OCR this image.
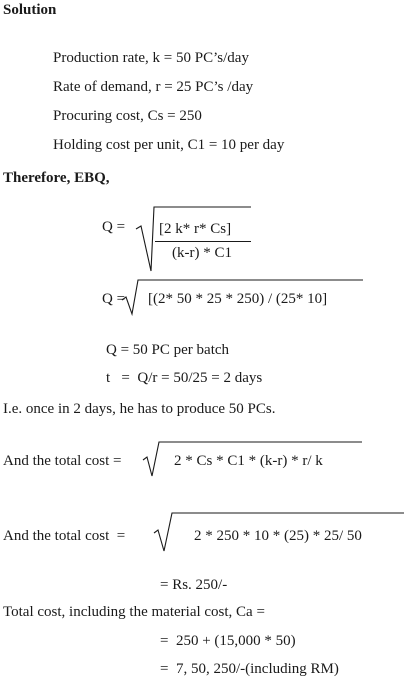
Solution
Production rate, k = 50 PC’s/day
Rate of demand, r = 25 PC’s /day
Procuring cost, Cs = 250
Holding cost per unit, C1 = 10 per day
Therefore, EBQ,
Q = [2 k* r* Cs]
(k-r) * C1
Q = [(2* 50 * 25 * 250) / (25* 10]
Q = 50 PC per batch
t   =  Q/r = 50/25 = 2 days
I.e. once in 2 days, he has to produce 50 PCs.
And the total cost =	2 * Cs * C1 * (k-r) * r/ k
And the total cost  =	2 * 250 * 10 * (25) * 25/ 50
= Rs. 250/-
Total cost, including the material cost, Ca =
=  250 + (15,000 * 50)
=  7, 50, 250/-(including RM)
